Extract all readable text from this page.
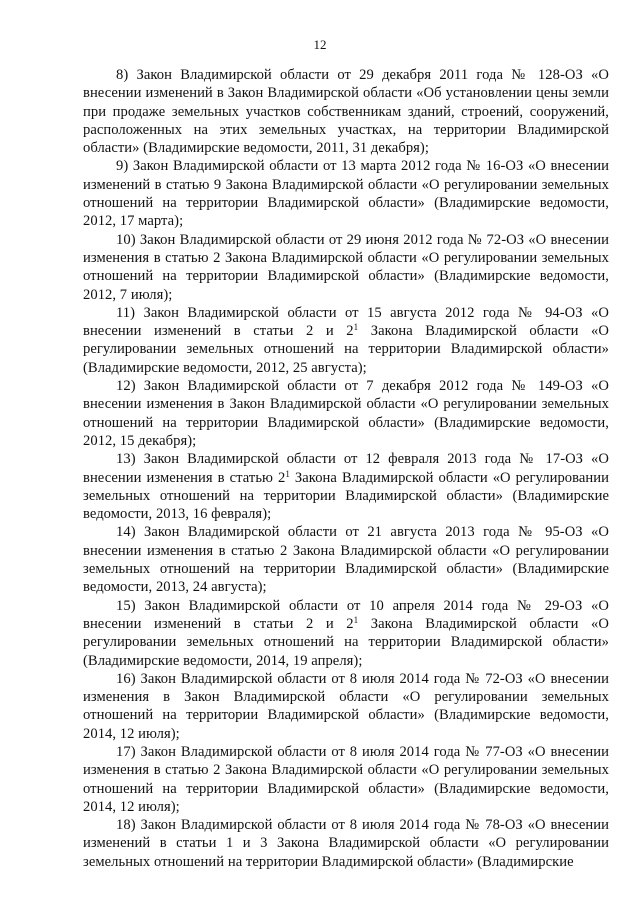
12

8) Закон Владимирской области от 29 декабря 2011 года № 128-ОЗ «О внесении изменений в Закон Владимирской области «Об установлении цены земли при продаже земельных участков собственникам зданий, строений, сооружений, расположенных на этих земельных участках, на территории Владимирской области» (Владимирские ведомости, 2011, 31 декабря);

9) Закон Владимирской области от 13 марта 2012 года № 16-ОЗ «О внесении изменений в статью 9 Закона Владимирской области «О регулировании земельных отношений на территории Владимирской области» (Владимирские ведомости, 2012, 17 марта);

10) Закон Владимирской области от 29 июня 2012 года № 72-ОЗ «О внесении изменения в статью 2 Закона Владимирской области «О регулировании земельных отношений на территории Владимирской области» (Владимирские ведомости, 2012, 7 июля);

11) Закон Владимирской области от 15 августа 2012 года № 94-ОЗ «О внесении изменений в статьи 2 и $2^1$ Закона Владимирской области «О регулировании земельных отношений на территории Владимирской области» (Владимирские ведомости, 2012, 25 августа);

12) Закон Владимирской области от 7 декабря 2012 года № 149-ОЗ «О внесении изменения в Закон Владимирской области «О регулировании земельных отношений на территории Владимирской области» (Владимирские ведомости, 2012, 15 декабря);

13) Закон Владимирской области от 12 февраля 2013 года № 17-ОЗ «О внесении изменения в статью $2^1$ Закона Владимирской области «О регулировании земельных отношений на территории Владимирской области» (Владимирские ведомости, 2013, 16 февраля);

14) Закон Владимирской области от 21 августа 2013 года № 95-ОЗ «О внесении изменения в статью 2 Закона Владимирской области «О регулировании земельных отношений на территории Владимирской области» (Владимирские ведомости, 2013, 24 августа);

15) Закон Владимирской области от 10 апреля 2014 года № 29-ОЗ «О внесении изменений в статьи 2 и $2^1$ Закона Владимирской области «О регулировании земельных отношений на территории Владимирской области» (Владимирские ведомости, 2014, 19 апреля);

16) Закон Владимирской области от 8 июля 2014 года № 72-ОЗ «О внесении изменения в Закон Владимирской области «О регулировании земельных отношений на территории Владимирской области» (Владимирские ведомости, 2014, 12 июля);

17) Закон Владимирской области от 8 июля 2014 года № 77-ОЗ «О внесении изменения в статью 2 Закона Владимирской области «О регулировании земельных отношений на территории Владимирской области» (Владимирские ведомости, 2014, 12 июля);

18) Закон Владимирской области от 8 июля 2014 года № 78-ОЗ «О внесении изменений в статьи 1 и 3 Закона Владимирской области «О регулировании земельных отношений на территории Владимирской области» (Владимирские
